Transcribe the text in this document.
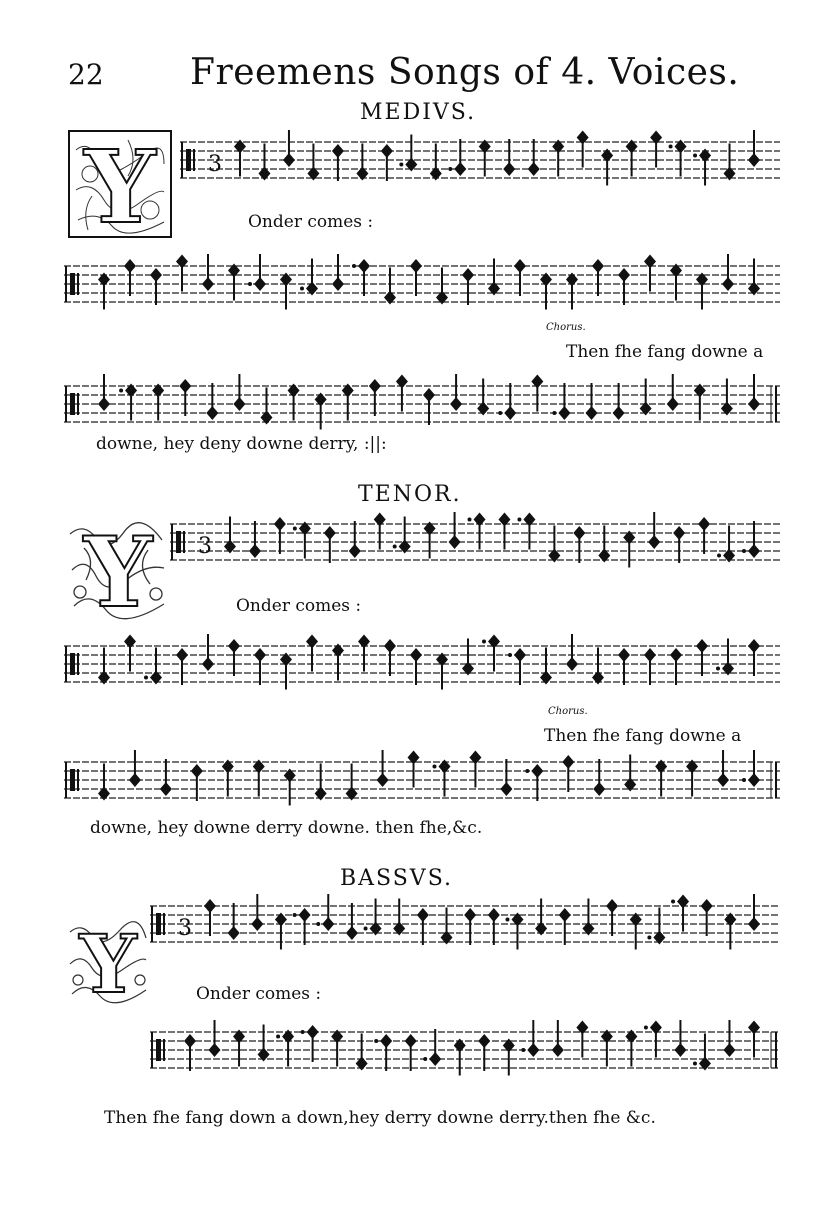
22 Freemens Songs of 4. Voices.
MEDIVS.
Y 3
Onder comes :
Chorus.
Then fhe fang downe a
downe, hey deny downe derry, :||:
TENOR.
Y 3
Onder comes :
Chorus.
Then fhe fang downe a
downe, hey downe derry downe. then fhe,&c.
BASSVS.
Y 3
Onder comes :
Then fhe fang down a down,hey derry downe derry.then fhe &c.
